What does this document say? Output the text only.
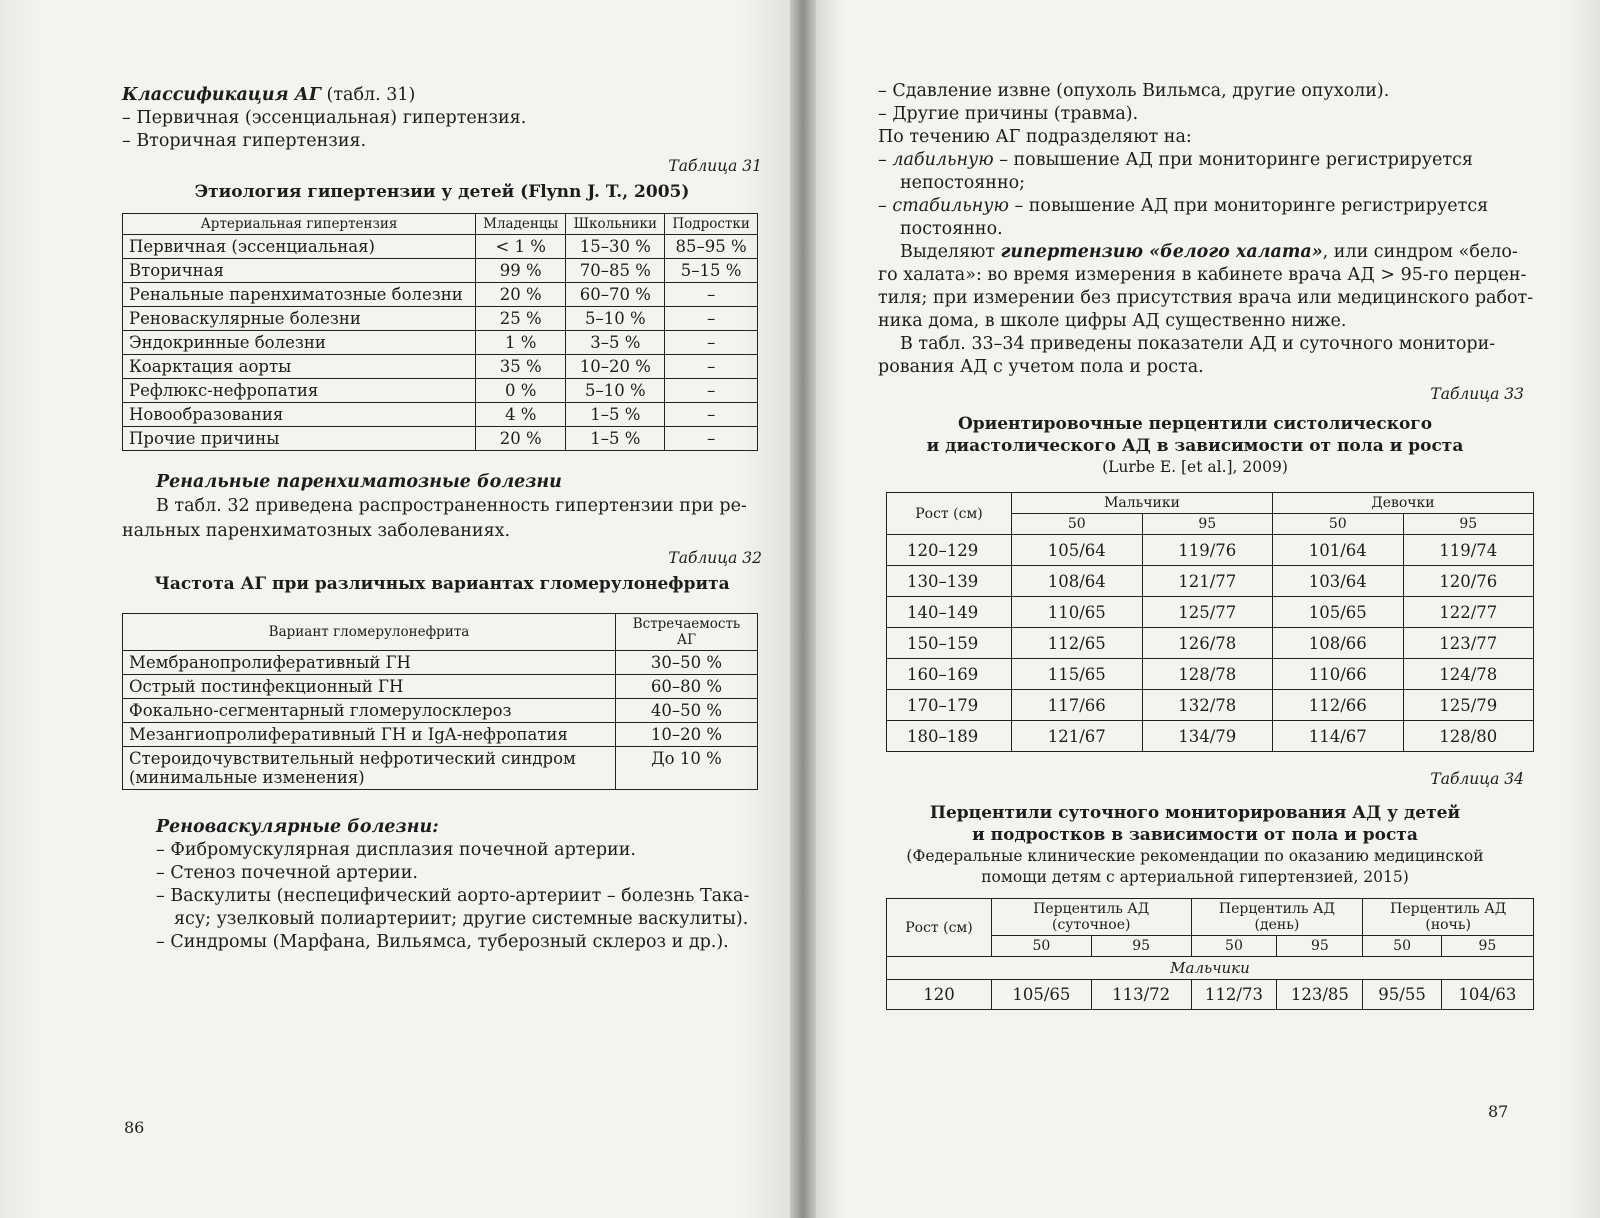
Классификация АГ (табл. 31)
– Первичная (эссенциальная) гипертензия.
– Вторичная гипертензия.
Таблица 31
Этиология гипертензии у детей (Flynn J. T., 2005)
Артериальная гипертензия	Младенцы	Школьники	Подростки
Первичная (эссенциальная)	< 1 %	15–30 %	85–95 %
Вторичная	99 %	70–85 %	5–15 %
Ренальные паренхиматозные болезни	20 %	60–70 %	–
Реноваскулярные болезни	25 %	5–10 %	–
Эндокринные болезни	1 %	3–5 %	–
Коарктация аорты	35 %	10–20 %	–
Рефлюкс-нефропатия	0 %	5–10 %	–
Новообразования	4 %	1–5 %	–
Прочие причины	20 %	1–5 %	–
Ренальные паренхиматозные болезни
В табл. 32 приведена распространенность гипертензии при ре-
нальных паренхиматозных заболеваниях.
Таблица 32
Частота АГ при различных вариантах гломерулонефрита
Вариант гломерулонефрита	Встречаемость АГ
Мембранопролиферативный ГН	30–50 %
Острый постинфекционный ГН	60–80 %
Фокально-сегментарный гломерулосклероз	40–50 %
Мезангиопролиферативный ГН и IgA-нефропатия	10–20 %
Стероидочувствительный нефротический синдром (минимальные изменения)	До 10 %
Реноваскулярные болезни:
– Фибромускулярная дисплазия почечной артерии.
– Стеноз почечной артерии.
– Васкулиты (неспецифический аорто-артериит – болезнь Така-
ясу; узелковый полиартериит; другие системные васкулиты).
– Синдромы (Марфана, Вильямса, туберозный склероз и др.).
86
– Сдавление извне (опухоль Вильмса, другие опухоли).
– Другие причины (травма).
По течению АГ подразделяют на:
– лабильную – повышение АД при мониторинге регистрируется
непостоянно;
– стабильную – повышение АД при мониторинге регистрируется
постоянно.
Выделяют гипертензию «белого халата», или синдром «бело-
го халата»: во время измерения в кабинете врача АД > 95-го перцен-
тиля; при измерении без присутствия врача или медицинского работ-
ника дома, в школе цифры АД существенно ниже.
В табл. 33–34 приведены показатели АД и суточного монитори-
рования АД с учетом пола и роста.
Таблица 33
Ориентировочные перцентили систолического
и диастолического АД в зависимости от пола и роста
(Lurbe E. [et al.], 2009)
Рост (см)	Мальчики		Девочки	
	50	95	50	95
120–129	105/64	119/76	101/64	119/74
130–139	108/64	121/77	103/64	120/76
140–149	110/65	125/77	105/65	122/77
150–159	112/65	126/78	108/66	123/77
160–169	115/65	128/78	110/66	124/78
170–179	117/66	132/78	112/66	125/79
180–189	121/67	134/79	114/67	128/80
Таблица 34
Перцентили суточного мониторирования АД у детей
и подростков в зависимости от пола и роста
(Федеральные клинические рекомендации по оказанию медицинской
помощи детям с артериальной гипертензией, 2015)
Рост (см)	Перцентиль АД (суточное)		Перцентиль АД (день)		Перцентиль АД (ночь)	
	50	95	50	95	50	95
Мальчики						
120	105/65	113/72	112/73	123/85	95/55	104/63
87
